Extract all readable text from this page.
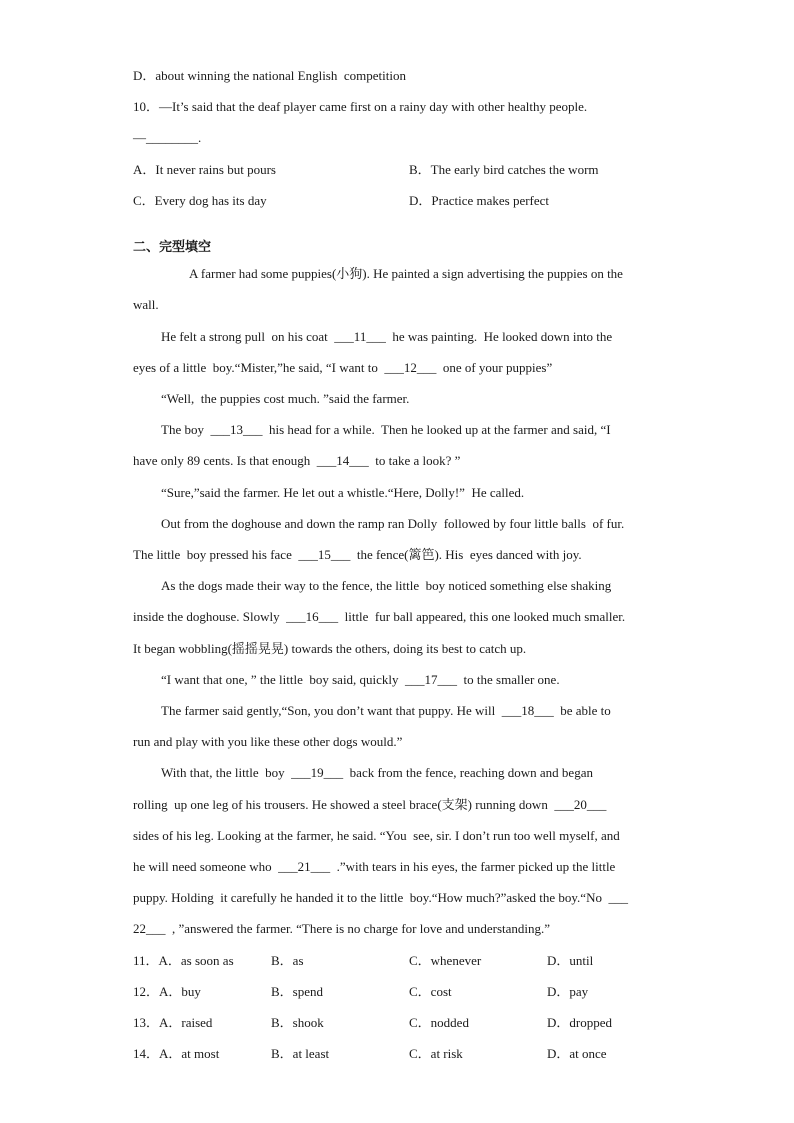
D．about winning the national English  competition
10．—It’s said that the deaf player came first on a rainy day with other healthy people.
—________.
A．It never rains but pours	B．The early bird catches the worm
C．Every dog has its day	D．Practice makes perfect
二、完型填空
A farmer had some puppies(小狗). He painted a sign advertising the puppies on the
wall.
He felt a strong pull  on his coat  ___11___  he was painting.  He looked down into the
eyes of a little  boy.“Mister,”he said, “I want to  ___12___  one of your puppies”
“Well,  the puppies cost much. ”said the farmer.
The boy  ___13___  his head for a while.  Then he looked up at the farmer and said, “I
have only 89 cents. Is that enough  ___14___  to take a look? ”
“Sure,”said the farmer. He let out a whistle.“Here, Dolly!”  He called.
Out from the doghouse and down the ramp ran Dolly  followed by four little balls  of fur.
The little  boy pressed his face  ___15___  the fence(篱笆). His  eyes danced with joy.
As the dogs made their way to the fence, the little  boy noticed something else shaking
inside the doghouse. Slowly  ___16___  little  fur ball appeared, this one looked much smaller.
It began wobbling(摇摇晃晃) towards the others, doing its best to catch up.
“I want that one, ” the little  boy said, quickly  ___17___  to the smaller one.
The farmer said gently,“Son, you don’t want that puppy. He will  ___18___  be able to
run and play with you like these other dogs would.”
With that, the little  boy  ___19___  back from the fence, reaching down and began
rolling  up one leg of his trousers. He showed a steel brace(支架) running down  ___20___
sides of his leg. Looking at the farmer, he said. “You  see, sir. I don’t run too well myself, and
he will need someone who  ___21___  .”with tears in his eyes, the farmer picked up the little
puppy. Holding  it carefully he handed it to the little  boy.“How much?”asked the boy.“No  ___
22___  , ”answered the farmer. “There is no charge for love and understanding.”
11．A．as soon as	B．as	C．whenever	D．until
12．A．buy	B．spend	C．cost	D．pay
13．A．raised	B．shook	C．nodded	D．dropped
14．A．at most	B．at least	C．at risk	D．at once
